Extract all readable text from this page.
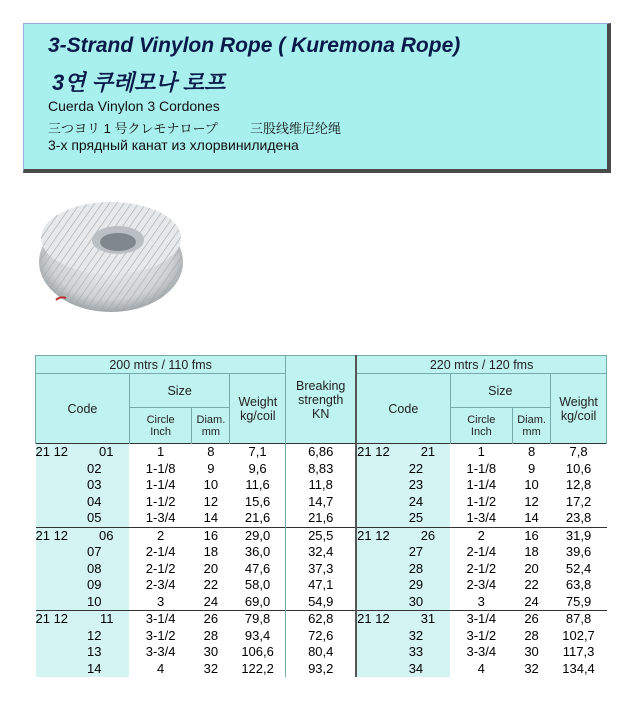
3-Strand Vinylon Rope ( Kuremona Rope)
3연 쿠레모나 로프
Cuerda Vinylon 3 Cordones
三つヨリ 1 号クレモナロープ 三股线维尼纶绳
3-х прядный канат из хлорвинилидена
200 mtrs / 110 fms				Breaking
strength
KN	220 mtrs / 120 fms			
Code	Size		Weight
kg/coil		Code	Size		Weight
kg/coil
	Circle
Inch	Diam.
mm				Circle
Inch	Diam.
mm	
21 12 01	1	8	7,1	6,86	21 12 21	1	8	7,8
02	1-1/8	9	9,6	8,83	22	1-1/8	9	10,6
03	1-1/4	10	11,6	11,8	23	1-1/4	10	12,8
04	1-1/2	12	15,6	14,7	24	1-1/2	12	17,2
05	1-3/4	14	21,6	21,6	25	1-3/4	14	23,8
21 12 06	2	16	29,0	25,5	21 12 26	2	16	31,9
07	2-1/4	18	36,0	32,4	27	2-1/4	18	39,6
08	2-1/2	20	47,6	37,3	28	2-1/2	20	52,4
09	2-3/4	22	58,0	47,1	29	2-3/4	22	63,8
10	3	24	69,0	54,9	30	3	24	75,9
21 12 11	3-1/4	26	79,8	62,8	21 12 31	3-1/4	26	87,8
12	3-1/2	28	93,4	72,6	32	3-1/2	28	102,7
13	3-3/4	30	106,6	80,4	33	3-3/4	30	117,3
14	4	32	122,2	93,2	34	4	32	134,4
